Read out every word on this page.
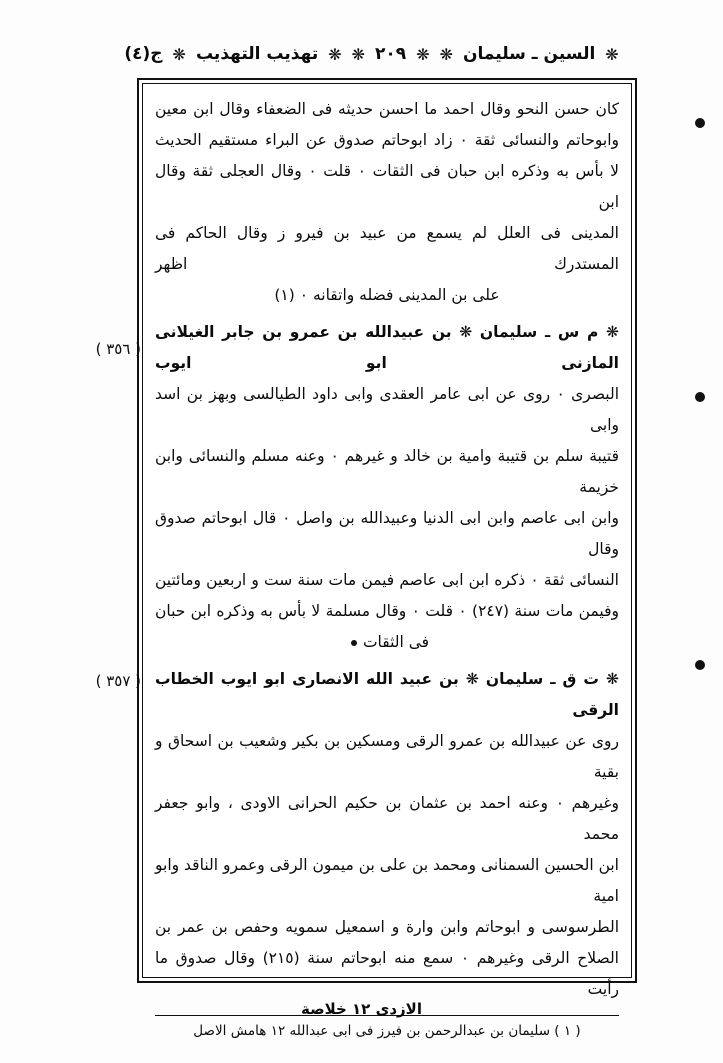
ج(٤) ❋ تهذيب التهذيب ❋ ❋ ٢٠٩ ❋ ❋ السين ـ سليمان ❋

كان حسن النحو وقال احمد ما احسن حديثه فى الضعفاء وقال ابن معين

وابوحاتم والنسائى ثقة ٠ زاد ابوحاتم صدوق عن البراء مستقيم الحديث

لا بأس به وذكره ابن حبان فى الثقات ٠ قلت ٠ وقال العجلى ثقة وقال ابن

المدينى فى العلل لم يسمع من عبيد بن فيرو ز وقال الحاكم فى المستدرك اظهر

على بن المدينى فضله واتقانه ٠ (١)

( ٣٥٦ )

❋ م س ـ سليمان ❋ بن عبيدالله بن عمرو بن جابر الغيلانى المازنى ابو ايوب

البصرى ٠ روى عن ابى عامر العقدى وابى داود الطيالسى وبهز بن اسد وابى

قتيبة سلم بن قتيبة وامية بن خالد و غيرهم ٠ وعنه مسلم والنسائى وابن خزيمة

وابن ابى عاصم وابن ابى الدنيا وعبيدالله بن واصل ٠ قال ابوحاتم صدوق وقال

النسائى ثقة ٠ ذكره ابن ابى عاصم فيمن مات سنة ست و اربعين ومائتين

وفيمن مات سنة (٢٤٧) ٠ قلت ٠ وقال مسلمة لا بأس به وذكره ابن حبان

فى الثقات

( ٣٥٧ ) ❋ ت ق ـ سليمان ❋ بن عبيد الله الانصارى ابو ايوب الخطاب الرقى

روى عن عبيدالله بن عمرو الرقى ومسكين بن بكير وشعيب بن اسحاق و بقية

وغيرهم ٠ وعنه احمد بن عثمان بن حكيم الحرانى الاودى ، وابو جعفر محمد

ابن الحسين السمنانى ومحمد بن على بن ميمون الرقى وعمرو الناقد وابو امية

الطرسوسى و ابوحاتم وابن وارة و اسمعيل سمويه وحفص بن عمر بن

الصلاح الرقى وغيرهم ٠ سمع منه ابوحاتم سنة (٢١٥) وقال صدوق ما رأيت

( ١ ) سليمان بن عبدالرحمن بن فيرز فى ابى عبدالله ١٢ هامش الاصل
الازدى ١٢ خلاصة
